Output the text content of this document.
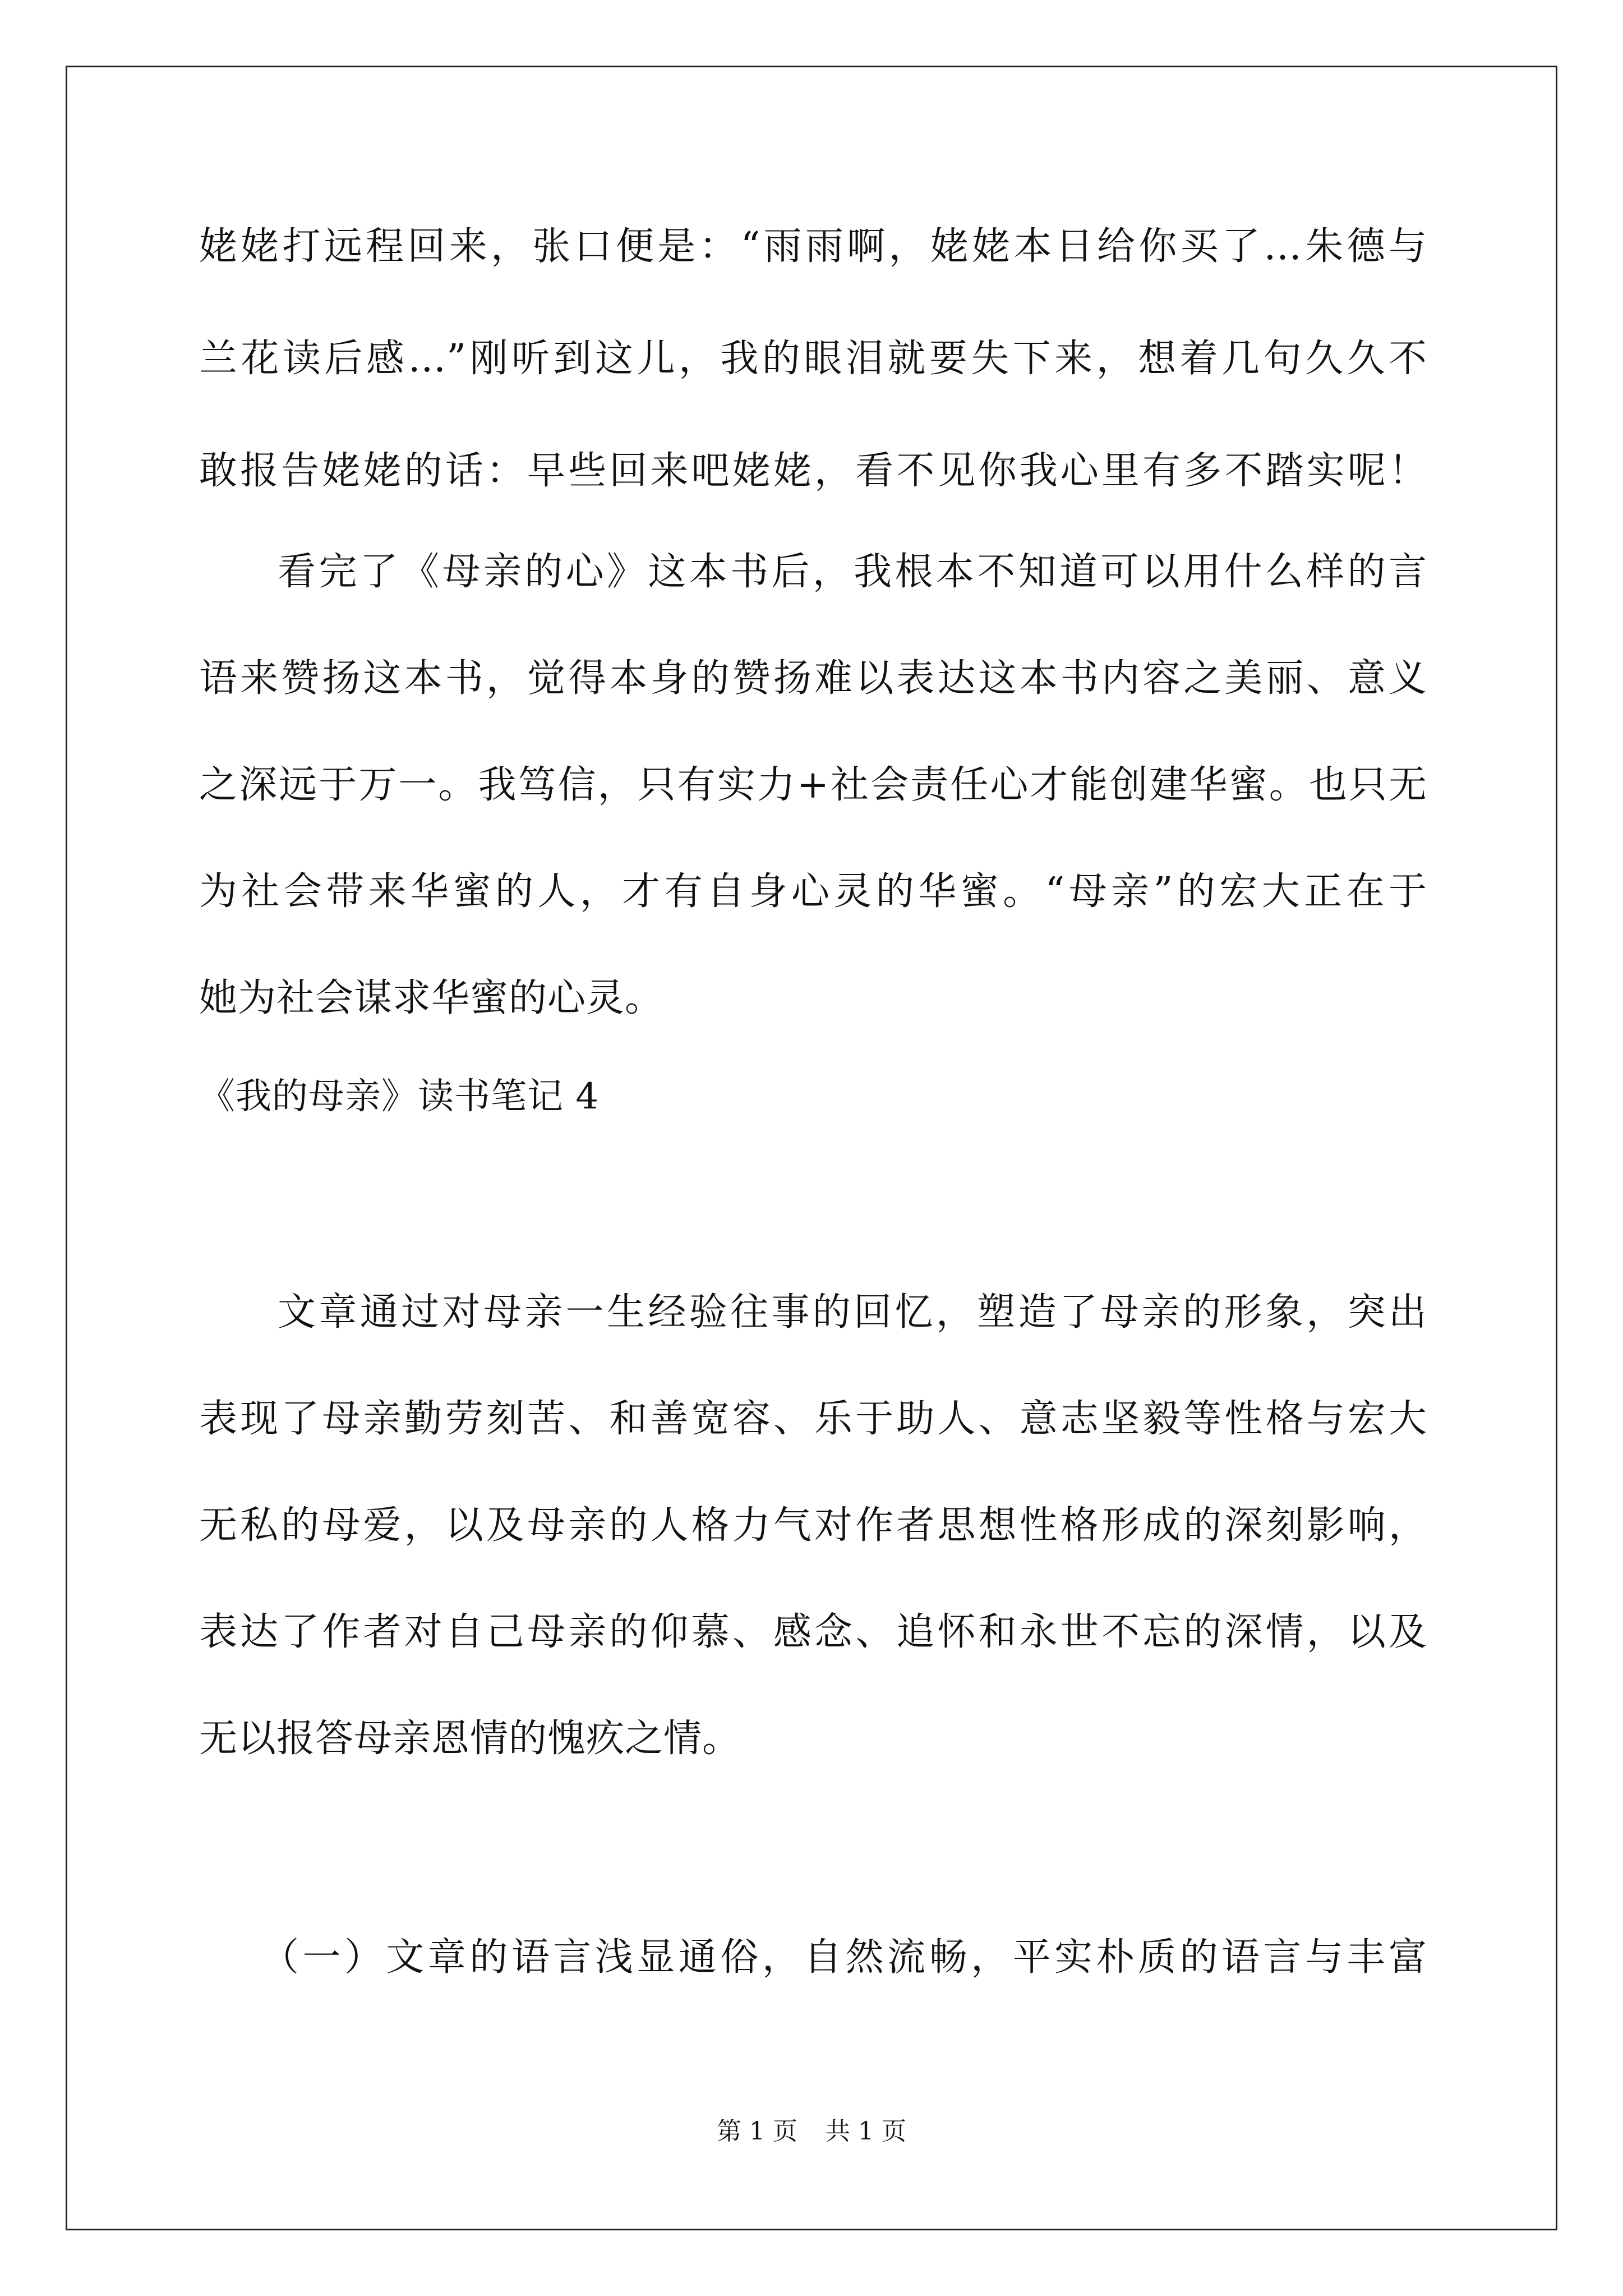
姥姥打远程回来，张口便是：“雨雨啊，姥姥本日给你买了…朱德与
兰花读后感…”刚听到这儿，我的眼泪就要失下来，想着几句久久不
敢报告姥姥的话：早些回来吧姥姥，看不见你我心里有多不踏实呢！
看完了《母亲的心》这本书后，我根本不知道可以用什么样的言
语来赞扬这本书，觉得本身的赞扬难以表达这本书内容之美丽、意义
之深远于万一。我笃信，只有实力+社会责任心才能创建华蜜。也只无
为社会带来华蜜的人，才有自身心灵的华蜜。“母亲”的宏大正在于
她为社会谋求华蜜的心灵。
《我的母亲》读书笔记 4
文章通过对母亲一生经验往事的回忆，塑造了母亲的形象，突出
表现了母亲勤劳刻苦、和善宽容、乐于助人、意志坚毅等性格与宏大
无私的母爱，以及母亲的人格力气对作者思想性格形成的深刻影响，
表达了作者对自己母亲的仰慕、感念、追怀和永世不忘的深情，以及
无以报答母亲恩情的愧疚之情。
（一）文章的语言浅显通俗，自然流畅，平实朴质的语言与丰富
第 1 页 共 1 页
